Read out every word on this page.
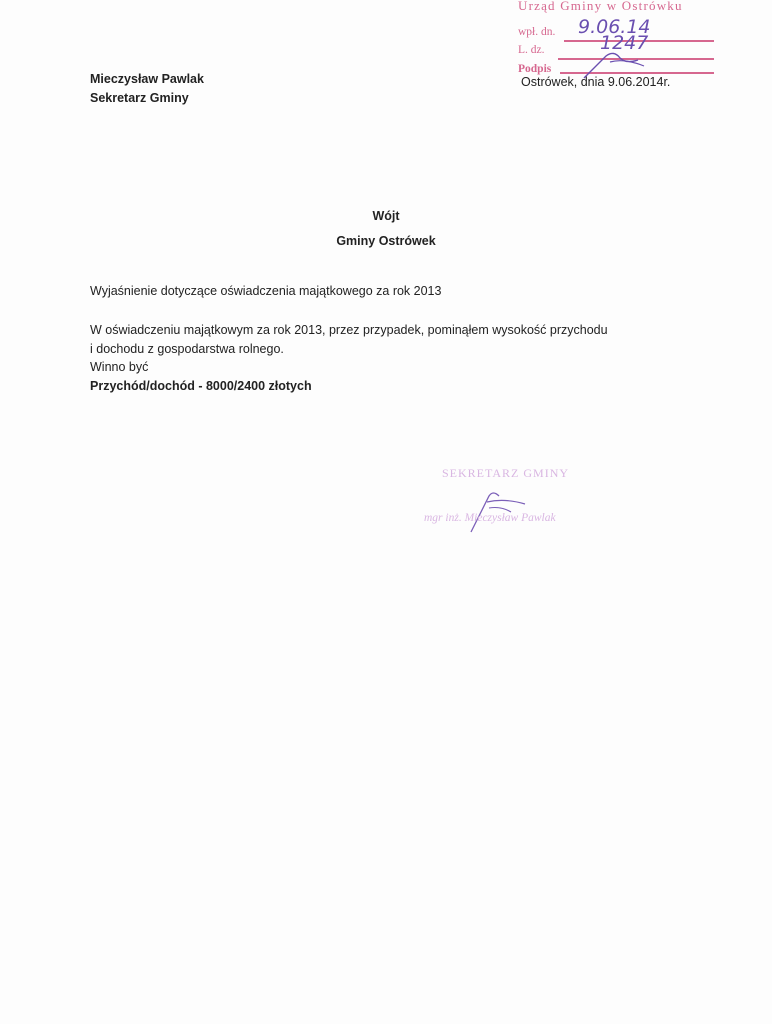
Urząd Gminy w Ostrówku
wpł. dn. 9.06.14
L. dz.	1247
Podpis
Mieczysław Pawlak
Sekretarz Gminy
Ostrówek, dnia 9.06.2014r.
Wójt
Gminy Ostrówek
Wyjaśnienie dotyczące oświadczenia majątkowego za rok 2013
W oświadczeniu majątkowym za rok 2013, przez przypadek, pominąłem wysokość przychodu
i dochodu z gospodarstwa rolnego.
Winno być
Przychód/dochód - 8000/2400 złotych
SEKRETARZ GMINY
mgr inż. Mieczysław Pawlak
